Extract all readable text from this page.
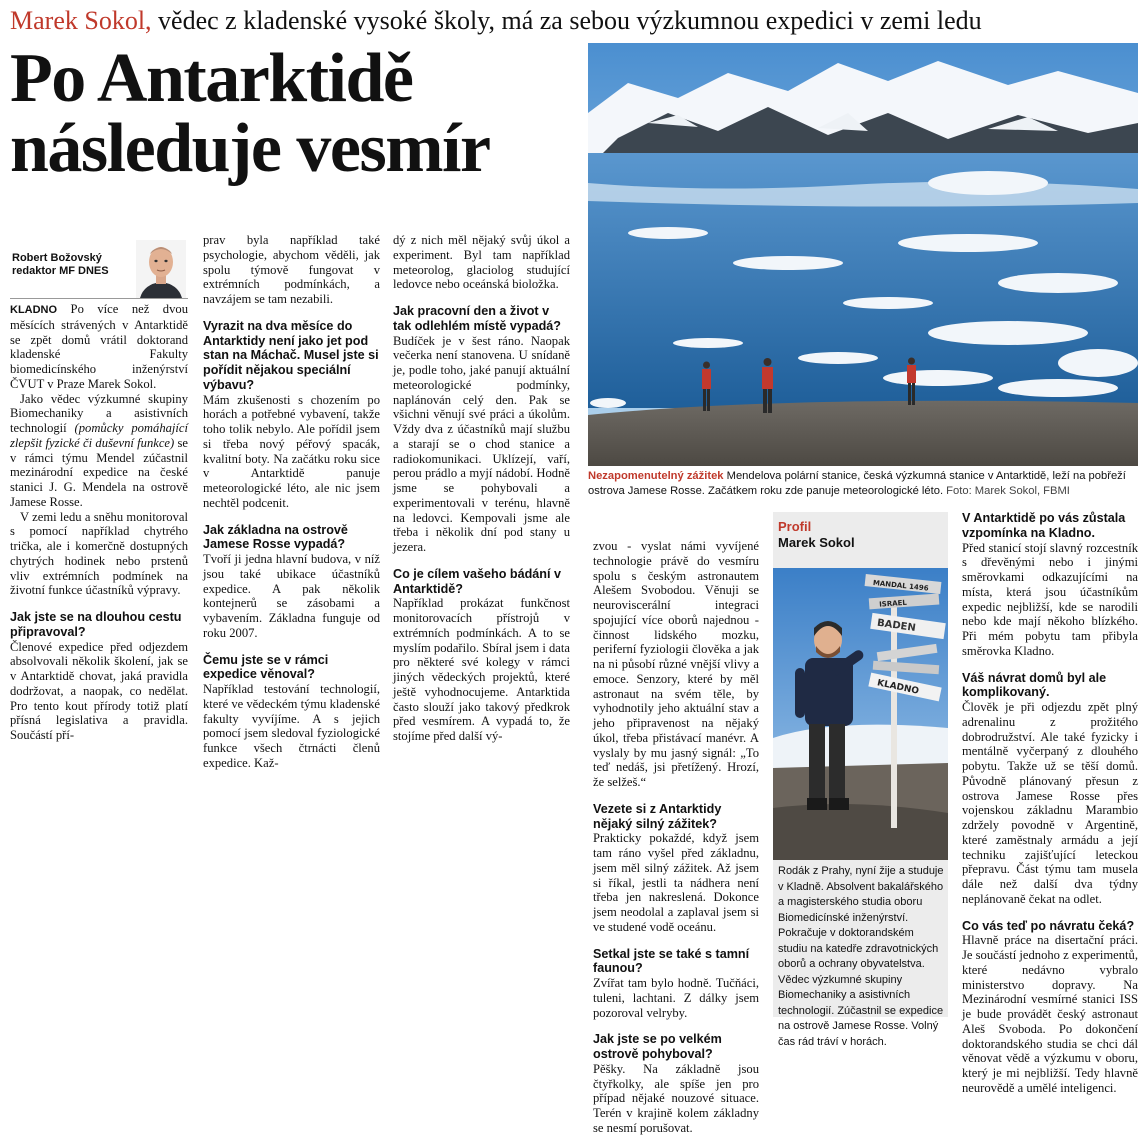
Marek Sokol, vědec z kladenské vysoké školy, má za sebou výzkumnou expedici v zemi ledu
Po Antarktidě
následuje vesmír
Robert Božovský
redaktor MF DNES

KLADNO Po více než dvou měsících strávených v Antarktidě se zpět domů vrátil doktorand kladenské Fakulty biomedicínského inženýrství ČVUT v Praze Marek Sokol.

Jako vědec výzkumné skupiny Biomechaniky a asistivních technologií (pomůcky pomáhající zlepšit fyzické či duševní funkce) se v rámci týmu Mendel zúčastnil mezinárodní expedice na české stanici J. G. Mendela na ostrově Jamese Rosse.

V zemi ledu a sněhu monitoroval s pomocí například chytrého trička, ale i komerčně dostupných chytrých hodinek nebo prstenů vliv extrémních podmínek na životní funkce účastníků výpravy.

Jak jste se na dlouhou cestu připravoval?

Členové expedice před odjezdem absolvovali několik školení, jak se v Antarktidě chovat, jaká pravidla dodržovat, a naopak, co nedělat. Pro tento kout přírody totiž platí přísná legislativa a pravidla. Součástí pří-

prav byla například také psychologie, abychom věděli, jak spolu týmově fungovat v extrémních podmínkách, a navzájem se tam nezabili.

Vyrazit na dva měsíce do Antarktidy není jako jet pod stan na Máchač. Musel jste si pořídit nějakou speciální výbavu?

Mám zkušenosti s chozením po horách a potřebné vybavení, takže toho tolik nebylo. Ale pořídil jsem si třeba nový péřový spacák, kvalitní boty. Na začátku roku sice v Antarktidě panuje meteorologické léto, ale nic jsem nechtěl podcenit.

Jak základna na ostrově Jamese Rosse vypadá?

Tvoří ji jedna hlavní budova, v níž jsou také ubikace účastníků expedice. A pak několik kontejnerů se zásobami a vybavením. Základna funguje od roku 2007.

Čemu jste se v rámci expedice věnoval?

Například testování technologií, které ve vědeckém týmu kladenské fakulty vyvíjíme. A s jejich pomocí jsem sledoval fyziologické funkce všech čtrnácti členů expedice. Kaž-

dý z nich měl nějaký svůj úkol a experiment. Byl tam například meteorolog, glaciolog studující ledovce nebo oceánská bioložka.

Jak pracovní den a život v tak odlehlém místě vypadá?

Budíček je v šest ráno. Naopak večerka není stanovena. U snídaně je, podle toho, jaké panují aktuální meteorologické podmínky, naplánován celý den. Pak se všichni věnují své práci a úkolům. Vždy dva z účastníků mají službu a starají se o chod stanice a radiokomunikaci. Uklízejí, vaří, perou prádlo a myjí nádobí. Hodně jsme se pohybovali a experimentovali v terénu, hlavně na ledovci. Kempovali jsme ale třeba i několik dní pod stany u jezera.

Co je cílem vašeho bádání v Antarktidě?

Například prokázat funkčnost monitorovacích přístrojů v extrémních podmínkách. A to se myslím podařilo. Sbíral jsem i data pro některé své kolegy v rámci jiných vědeckých projektů, které ještě vyhodnocujeme. Antarktida často slouží jako takový předkrok před vesmírem. A vypadá to, že stojíme před další vý-

Nezapomenutelný zážitek Mendelova polární stanice, česká výzkumná stanice v Antarktidě, leží na pobřeží ostrova Jamese Rosse. Začátkem roku zde panuje meteorologické léto. Foto: Marek Sokol, FBMI

zvou - vyslat námi vyvíjené technologie právě do vesmíru spolu s českým astronautem Alešem Svobodou. Věnuji se neuroviscerální integraci spojující více oborů najednou - činnost lidského mozku, periferní fyziologii člověka a jak na ni působí různé vnější vlivy a emoce. Senzory, které by měl astronaut na svém těle, by vyhodnotily jeho aktuální stav a jeho připravenost na nějaký úkol, třeba přistávací manévr. A vyslaly by mu jasný signál: „To teď nedáš, jsi přetížený. Hrozí, že selžeš.“

Vezete si z Antarktidy nějaký silný zážitek?

Prakticky pokaždé, když jsem tam ráno vyšel před základnu, jsem měl silný zážitek. Až jsem si říkal, jestli ta nádhera není třeba jen nakreslená. Dokonce jsem neodolal a zaplaval jsem si ve studené vodě oceánu.

Setkal jste se také s tamní faunou?

Zvířat tam bylo hodně. Tučňáci, tuleni, lachtani. Z dálky jsem pozoroval velryby.

Jak jste se po velkém ostrově pohyboval?

Pěšky. Na základně jsou čtyřkolky, ale spíše jen pro případ nějaké nouzové situace. Terén v krajině kolem základny se nesmí porušovat.

Profil
Marek Sokol
MANDAL 1496
ISRAEL
BADEN
KLADNO
Rodák z Prahy, nyní žije a studuje v Kladně. Absolvent bakalářského a magisterského studia oboru Biomedicínské inženýrství. Pokračuje v doktorandském studiu na katedře zdravotnických oborů a ochrany obyvatelstva. Vědec výzkumné skupiny Biomechaniky a asistivních technologií. Zúčastnil se expedice na ostrově Jamese Rosse. Volný čas rád tráví v horách.

V Antarktidě po vás zůstala vzpomínka na Kladno.

Před stanicí stojí slavný rozcestník s dřevěnými nebo i jinými směrovkami odkazujícími na místa, která jsou účastníkům expedic nejbližší, kde se narodili nebo kde mají někoho blízkého. Při mém pobytu tam přibyla směrovka Kladno.

Váš návrat domů byl ale komplikovaný.

Člověk je při odjezdu zpět plný adrenalinu z prožitého dobrodružství. Ale také fyzicky i mentálně vyčerpaný z dlouhého pobytu. Takže už se těší domů. Původně plánovaný přesun z ostrova Jamese Rosse přes vojenskou základnu Marambio zdržely povodně v Argentině, které zaměstnaly armádu a její techniku zajišťující leteckou přepravu. Část týmu tam musela dále než další dva týdny neplánovaně čekat na odlet.

Co vás teď po návratu čeká?

Hlavně práce na disertační práci. Je součástí jednoho z experimentů, které nedávno vybralo ministerstvo dopravy. Na Mezinárodní vesmírné stanici ISS je bude provádět český astronaut Aleš Svoboda. Po dokončení doktorandského studia se chci dál věnovat vědě a výzkumu v oboru, který je mi nejbližší. Tedy hlavně neurovědě a umělé inteligenci.
